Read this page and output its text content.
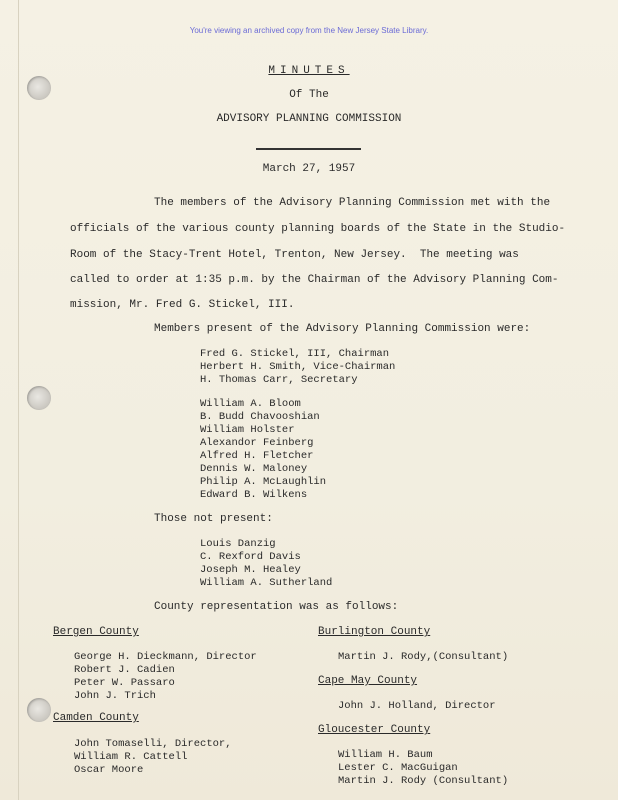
You're viewing an archived copy from the New Jersey State Library.
MINUTES
Of The
ADVISORY PLANNING COMMISSION
March 27, 1957
The members of the Advisory Planning Commission met with the
officials of the various county planning boards of the State in the Studio-
Room of the Stacy-Trent Hotel, Trenton, New Jersey.  The meeting was
called to order at 1:35 p.m. by the Chairman of the Advisory Planning Com-
mission, Mr. Fred G. Stickel, III.
Members present of the Advisory Planning Commission were:
Fred G. Stickel, III, Chairman
Herbert H. Smith, Vice-Chairman
H. Thomas Carr, Secretary
William A. Bloom
B. Budd Chavooshian
William Holster
Alexandor Feinberg
Alfred H. Fletcher
Dennis W. Maloney
Philip A. McLaughlin
Edward B. Wilkens
Those not present:
Louis Danzig
C. Rexford Davis
Joseph M. Healey
William A. Sutherland
County representation was as follows:
Bergen County
George H. Dieckmann, Director
Robert J. Cadien
Peter W. Passaro
John J. Trich
Camden County
John Tomaselli, Director,
William R. Cattell
Oscar Moore
Burlington County
Martin J. Rody,(Consultant)
Cape May County
John J. Holland, Director
Gloucester County
William H. Baum
Lester C. MacGuigan
Martin J. Rody (Consultant)
